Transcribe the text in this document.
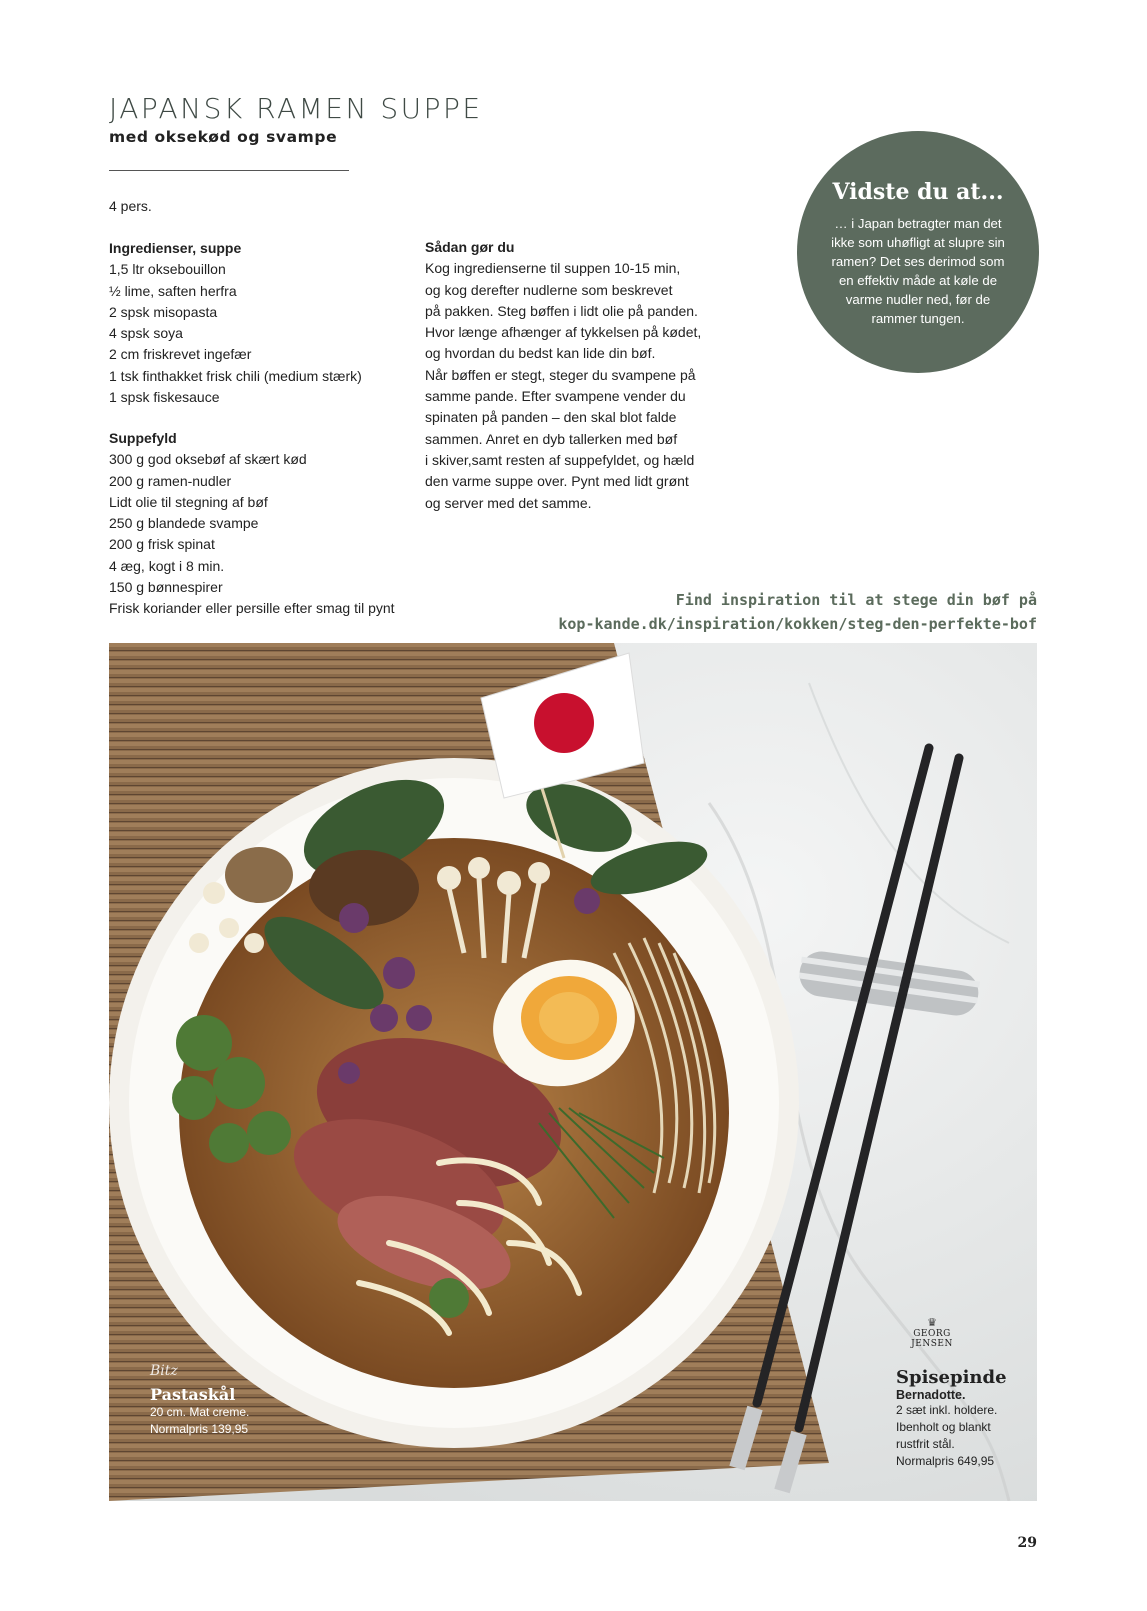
JAPANSK RAMEN SUPPE
med oksekød og svampe
4 pers.
Ingredienser, suppe
1,5 ltr oksebouillon
½ lime, saften herfra
2 spsk misopasta
4 spsk soya
2 cm friskrevet ingefær
1 tsk finthakket frisk chili (medium stærk)
1 spsk fiskesauce
Suppefyld
300 g god oksebøf af skært kød
200 g ramen-nudler
Lidt olie til stegning af bøf
250 g blandede svampe
200 g frisk spinat
4 æg, kogt i 8 min.
150 g bønnespirer
Frisk koriander eller persille efter smag til pynt
Sådan gør du
Kog ingredienserne til suppen 10-15 min,
og kog derefter nudlerne som beskrevet
på pakken. Steg bøffen i lidt olie på panden.
Hvor længe afhænger af tykkelsen på kødet,
og hvordan du bedst kan lide din bøf.
Når bøffen er stegt, steger du svampene på
samme pande. Efter svampene vender du
spinaten på panden – den skal blot falde
sammen. Anret en dyb tallerken med bøf
i skiver,samt resten af suppefyldet, og hæld
den varme suppe over. Pynt med lidt grønt
og server med det samme.
Vidste du at...
… i Japan betragter man det ikke som uhøfligt at slupre sin ramen? Det ses derimod som en effektiv måde at køle de varme nudler ned, før de rammer tungen.
Find inspiration til at stege din bøf på
kop-kande.dk/inspiration/kokken/steg-den-perfekte-bof
Bitz
Pastaskål
20 cm. Mat creme.
Normalpris 139,95
♛
GEORG JENSEN
Spisepinde
Bernadotte.
2 sæt inkl. holdere.
Ibenholt og blankt
rustfrit stål.
Normalpris 649,95
29
